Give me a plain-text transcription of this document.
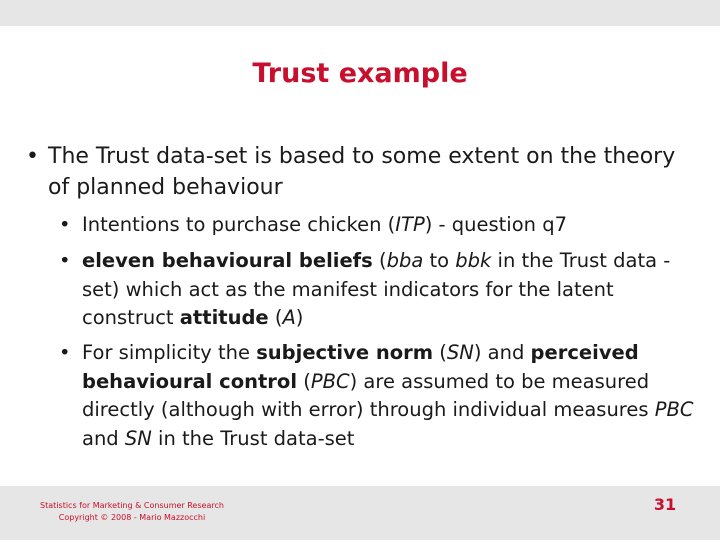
Trust example
• The Trust data-set is based to some extent on the theory of planned behaviour
• Intentions to purchase chicken (ITP) - question q7
• eleven behavioural beliefs (bba to bbk in the Trust data -set) which act as the manifest indicators for the latent construct attitude (A)
• For simplicity the subjective norm (SN) and perceived behavioural control (PBC) are assumed to be measured directly (although with error) through individual measures PBC and SN in the Trust data-set
Statistics for Marketing & Consumer Research
Copyright © 2008 - Mario Mazzocchi
31
